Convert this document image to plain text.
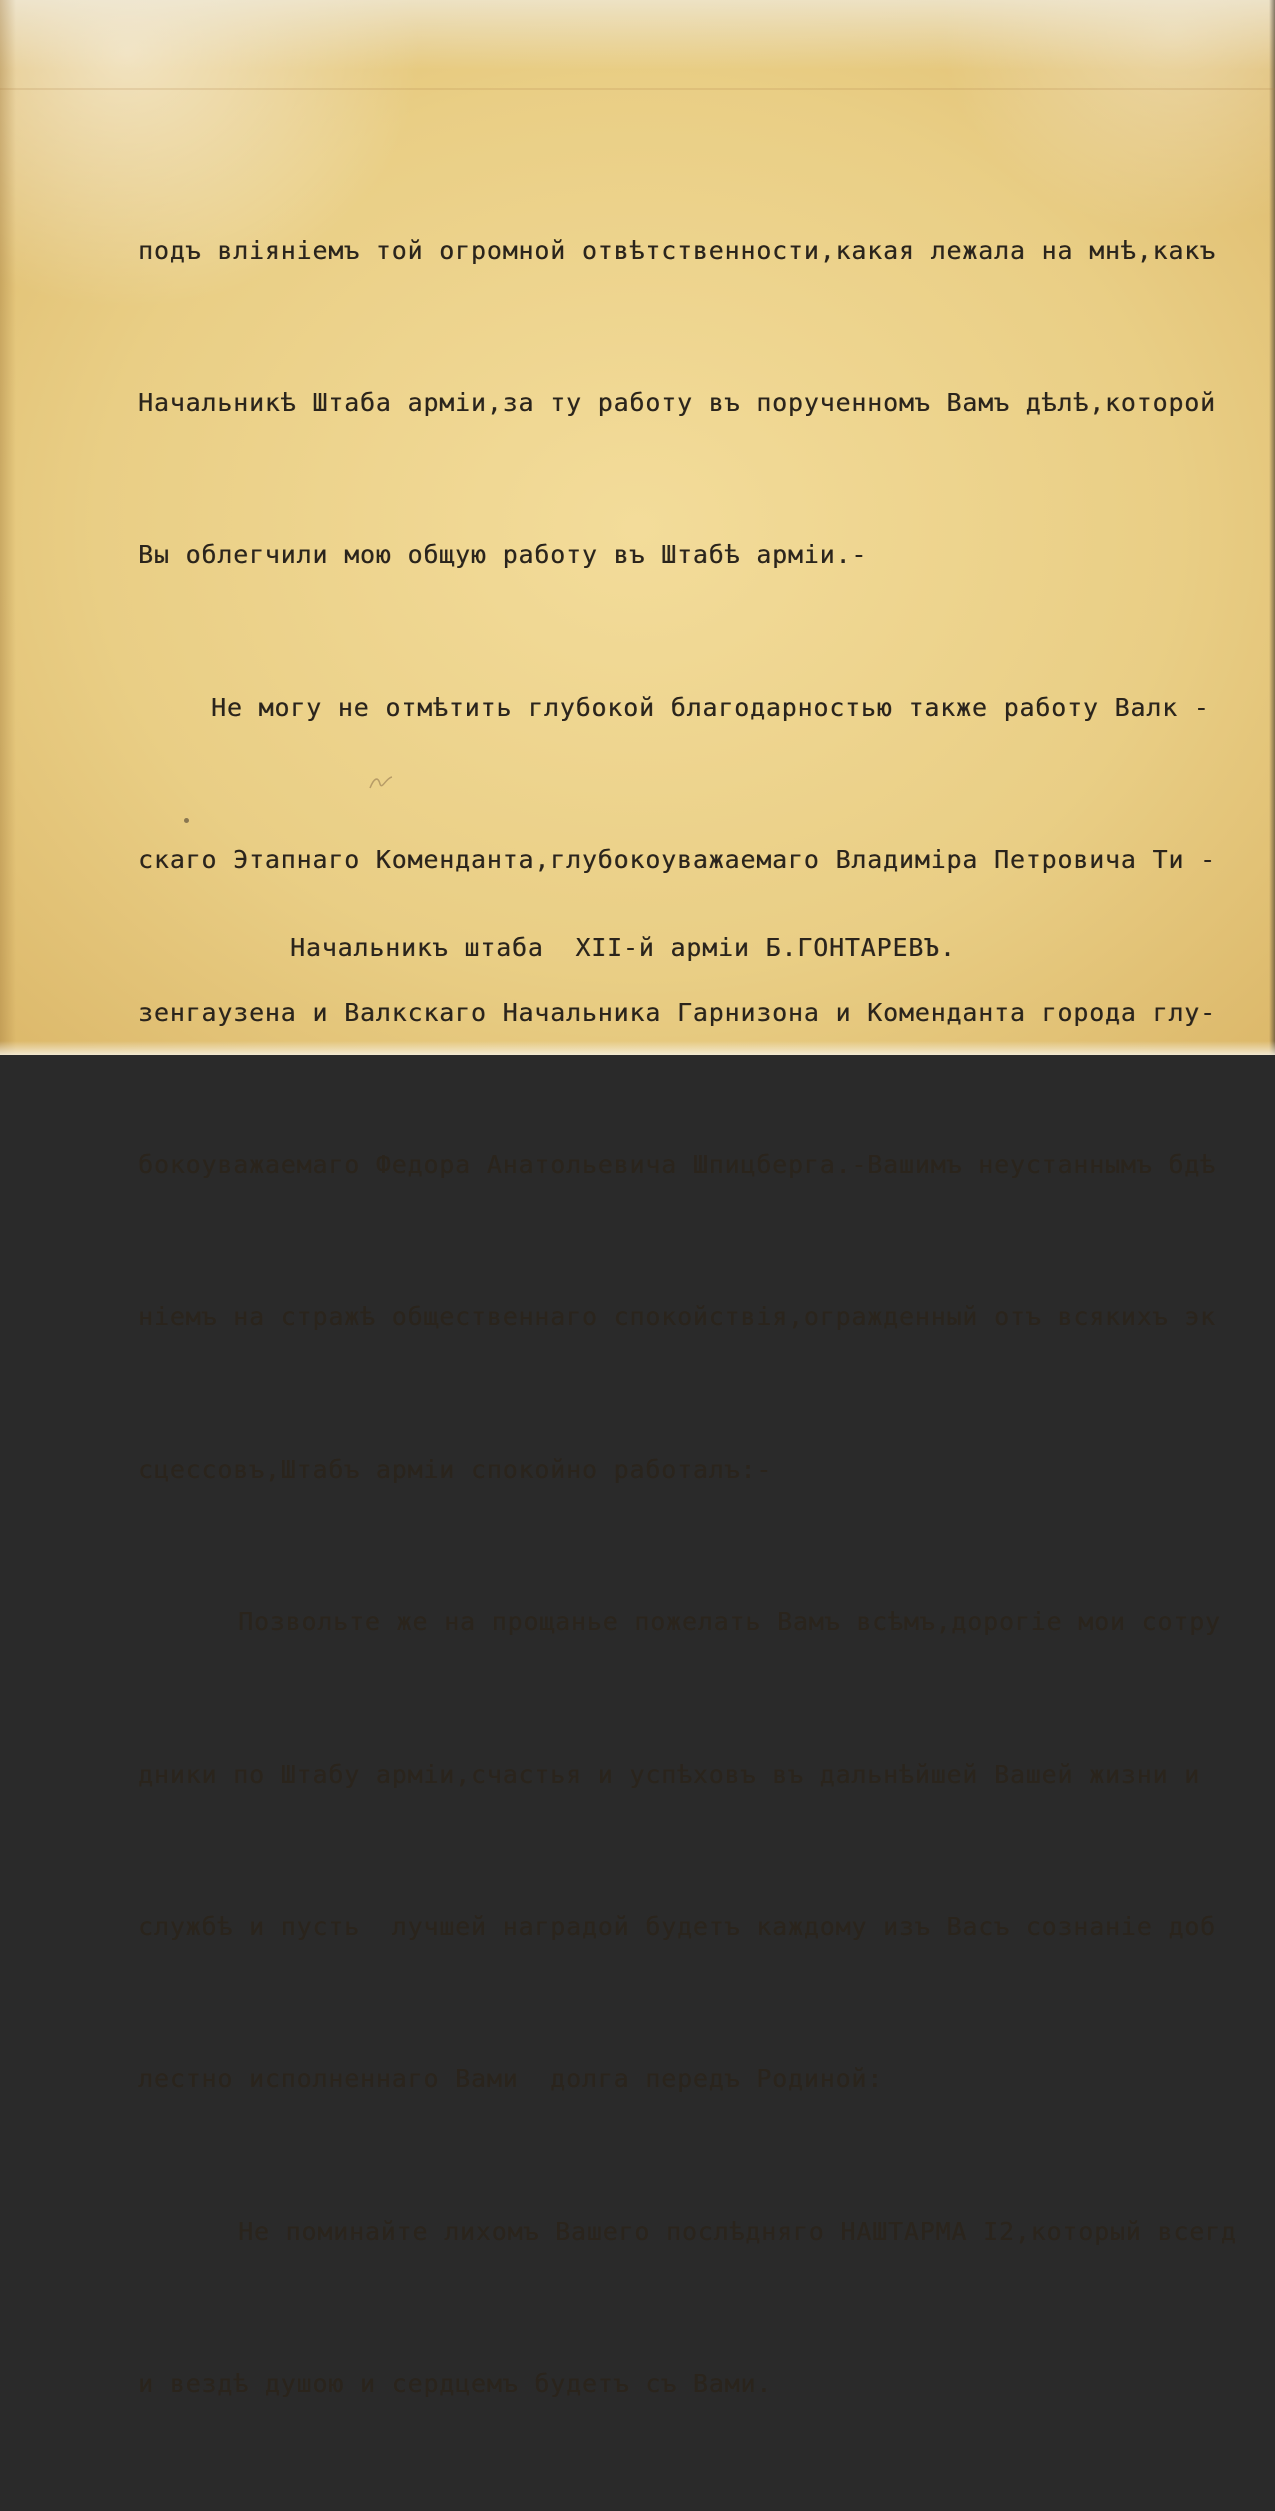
подъ вліяніемъ той огромной отвѣтственности,какая лежала на мнѣ,какъ

Начальникѣ Штаба арміи,за ту работу въ порученномъ Вамъ дѣлѣ,которой

Вы облегчили мою общую работу въ Штабѣ арміи.-

Не могу не отмѣтить глубокой благодарностью также работу Валк -

скаго Этапнаго Коменданта,глубокоуважаемаго Владиміра Петровича Ти -

зенгаузена и Валкскаго Начальника Гарнизона и Коменданта города глу-

бокоуважаемаго Федора Анатольевича Шпицберга.-Вашимъ неустаннымъ бдѣ

ніемъ на стражѣ общественнаго спокойствія,огражденный отъ всякихъ эк

сцессовъ,Штабъ арміи спокойно работалъ:-

Позвольте же на прощанье пожелать Вамъ всѣмъ,дорогіе мои сотру

дники по Штабу арміи,счастья и успѣховъ въ дальнѣйшей Вашей жизни и

службѣ и пусть  лучшей наградой будетъ каждому изъ Васъ сознаніе доб

лестно исполненнаго Вами  долга передъ Родиной:

Не поминайте лихомъ Вашего послѣдняго НАШТАРМА I2,который всегд

и вездѣ душою и сердцемъ будетъ съ Вами.

Начальникъ штаба  XII-й арміи Б.ГОНТАРЕВЪ.
